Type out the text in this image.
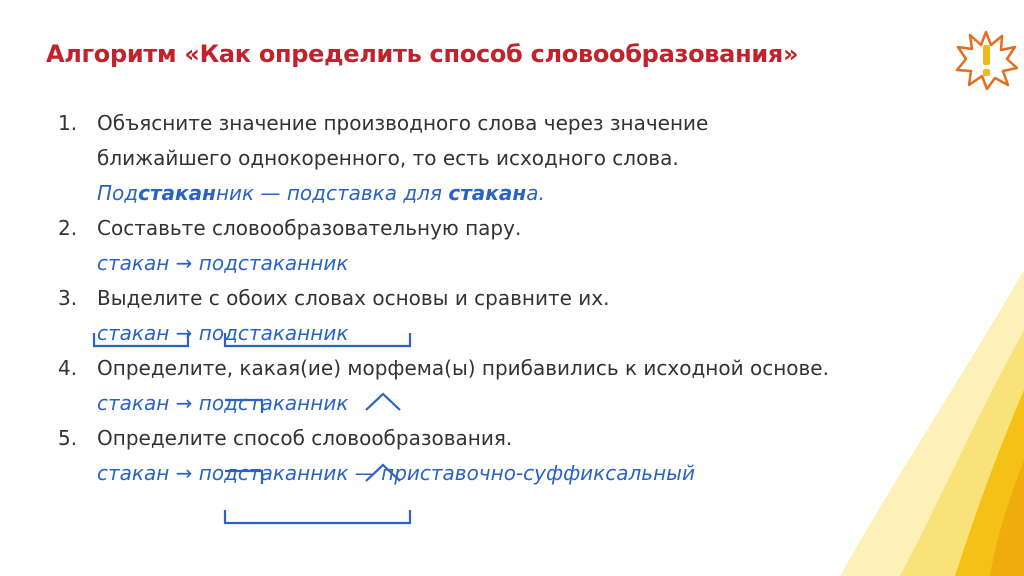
Алгоритм «Как определить способ словообразования»
1. Объясните значение производного слова через значение
ближайшего однокоренного, то есть исходного слова.
Подстаканник — подставка для стакана.
2. Составьте словообразовательную пару.
стакан → подстаканник
3. Выделите с обоих словах основы и сравните их.
стакан → подстаканник
4. Определите, какая(ие) морфема(ы) прибавились к исходной основе.
стакан → подстаканник
5. Определите способ словообразования.
стакан → подстаканник — приставочно-суффиксальный
